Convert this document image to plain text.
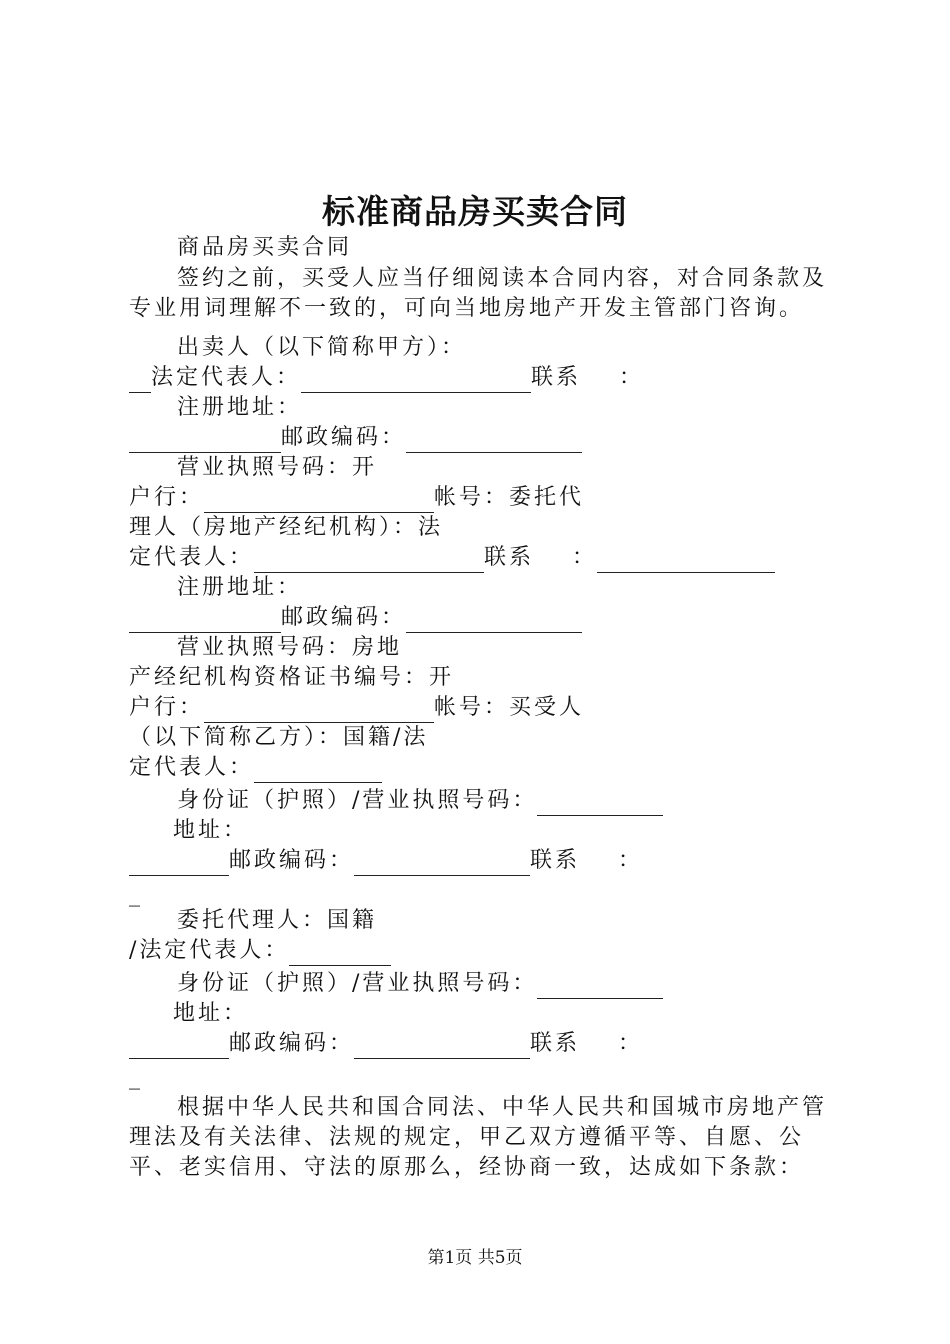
标准商品房买卖合同
商品房买卖合同
签约之前，买受人应当仔细阅读本合同内容，对合同条款及
专业用词理解不一致的，可向当地房地产开发主管部门咨询。
出卖人（以下简称甲方）：
法定代表人：	联系 ：
注册地址：
邮政编码：
营业执照号码： 开
户行：	帐号： 委托代
理人（房地产经纪机构）： 法
定代表人：	联系 ：
注册地址：
邮政编码：
营业执照号码： 房地
产经纪机构资格证书编号： 开
户行：	帐号： 买受人
（以下简称乙方）： 国籍/法
定代表人：
身份证（护照）/营业执照号码：
地址：
邮政编码：	联系 ：
_
委托代理人： 国籍
/法定代表人：
身份证（护照）/营业执照号码：
地址：
邮政编码：	联系 ：
_
根据中华人民共和国合同法、中华人民共和国城市房地产管
理法及有关法律、法规的规定，甲乙双方遵循平等、自愿、公
平、老实信用、守法的原那么，经协商一致，达成如下条款：
第1页 共5页
